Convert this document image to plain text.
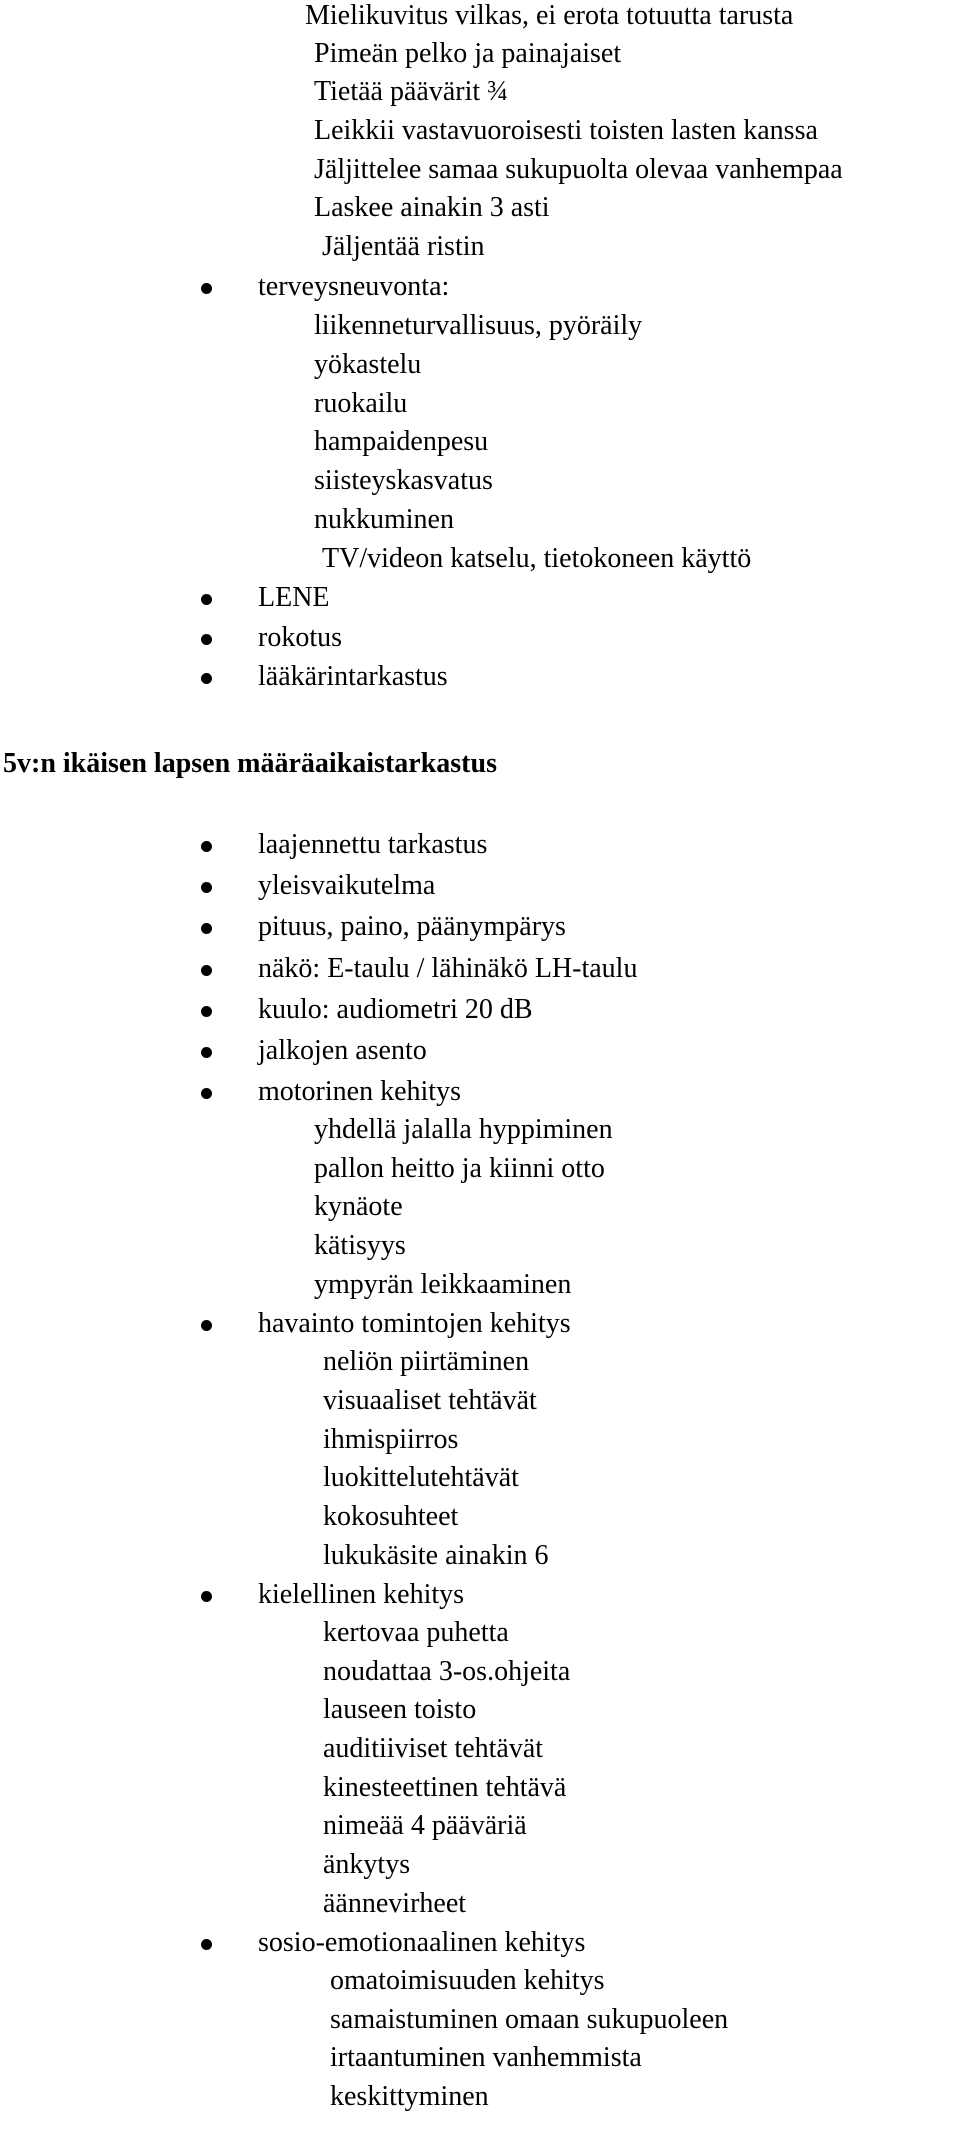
Mielikuvitus vilkas, ei erota totuutta tarusta
Pimeän pelko ja painajaiset
Tietää päävärit ¾
Leikkii vastavuoroisesti toisten lasten kanssa
Jäljittelee samaa sukupuolta olevaa vanhempaa
Laskee ainakin 3 asti
Jäljentää ristin
terveysneuvonta:
liikenneturvallisuus, pyöräily
yökastelu
ruokailu
hampaidenpesu
siisteyskasvatus
nukkuminen
TV/videon katselu, tietokoneen käyttö
LENE
rokotus
lääkärintarkastus
5v:n ikäisen lapsen määräaikaistarkastus
laajennettu tarkastus
yleisvaikutelma
pituus, paino, päänympärys
näkö: E-taulu / lähinäkö LH-taulu
kuulo: audiometri 20 dB
jalkojen asento
motorinen kehitys
yhdellä jalalla hyppiminen
pallon heitto ja kiinni otto
kynäote
kätisyys
ympyrän leikkaaminen
havainto tomintojen kehitys
neliön piirtäminen
visuaaliset tehtävät
ihmispiirros
luokittelutehtävät
kokosuhteet
lukukäsite ainakin 6
kielellinen kehitys
kertovaa puhetta
noudattaa 3-os.ohjeita
lauseen toisto
auditiiviset tehtävät
kinesteettinen tehtävä
nimeää 4 pääväriä
änkytys
äännevirheet
sosio-emotionaalinen kehitys
omatoimisuuden kehitys
samaistuminen omaan sukupuoleen
irtaantuminen vanhemmista
keskittyminen
